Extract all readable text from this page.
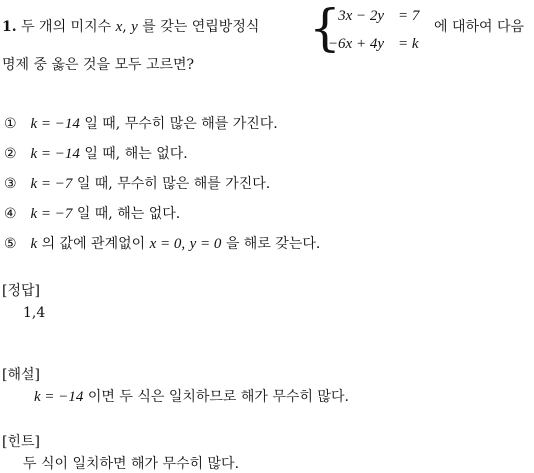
1. 두 개의 미지수 x, y 를 갖는 연립방정식 {
3x − 2y = 7
−6x + 4y = k
에 대하여 다음
명제 중 옳은 것을 모두 고르면?
① k = −14 일 때, 무수히 많은 해를 가진다.
② k = −14 일 때, 해는 없다.
③ k = −7 일 때, 무수히 많은 해를 가진다.
④ k = −7 일 때, 해는 없다.
⑤ k 의 값에 관계없이 x = 0, y = 0 을 해로 갖는다.
[정답]
1,4
[해설]
k = −14 이면 두 식은 일치하므로 해가 무수히 많다.
[힌트]
두 식이 일치하면 해가 무수히 많다.
